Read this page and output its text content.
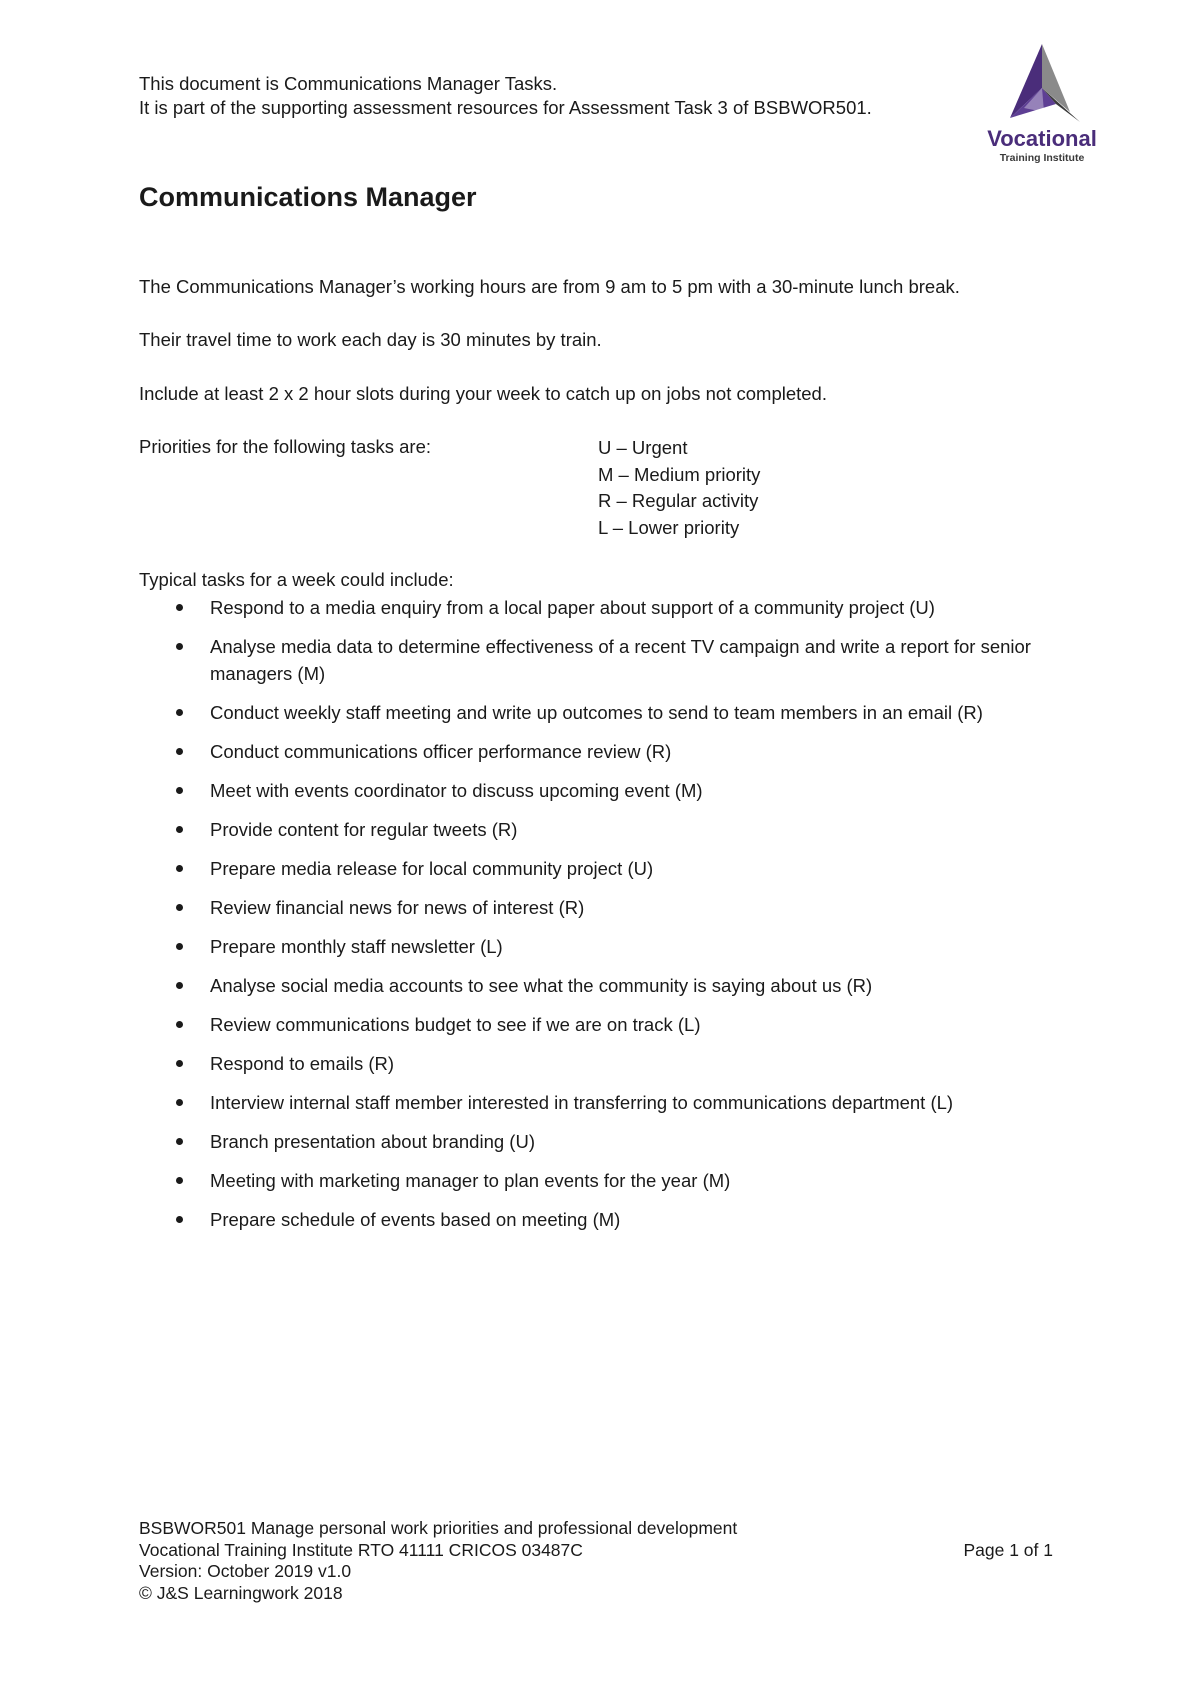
This document is Communications Manager Tasks.
It is part of the supporting assessment resources for Assessment Task 3 of BSBWOR501.
Vocational
Training Institute
Communications Manager

The Communications Manager’s working hours are from 9 am to 5 pm with a 30-minute lunch break.

Their travel time to work each day is 30 minutes by train.

Include at least 2 x 2 hour slots during your week to catch up on jobs not completed.

Priorities for the following tasks are:	U – Urgent
M – Medium priority
R – Regular activity
L – Lower priority

Typical tasks for a week could include:

Respond to a media enquiry from a local paper about support of a community project (U)
Analyse media data to determine effectiveness of a recent TV campaign and write a report for senior managers (M)
Conduct weekly staff meeting and write up outcomes to send to team members in an email (R)
Conduct communications officer performance review (R)
Meet with events coordinator to discuss upcoming event (M)
Provide content for regular tweets (R)
Prepare media release for local community project (U)
Review financial news for news of interest (R)
Prepare monthly staff newsletter (L)
Analyse social media accounts to see what the community is saying about us (R)
Review communications budget to see if we are on track (L)
Respond to emails (R)
Interview internal staff member interested in transferring to communications department (L)
Branch presentation about branding (U)
Meeting with marketing manager to plan events for the year (M)
Prepare schedule of events based on meeting (M)
BSBWOR501 Manage personal work priorities and professional development
Vocational Training Institute RTO 41111 CRICOS 03487C
Version: October 2019 v1.0
© J&S Learningwork 2018
Page 1 of 1
